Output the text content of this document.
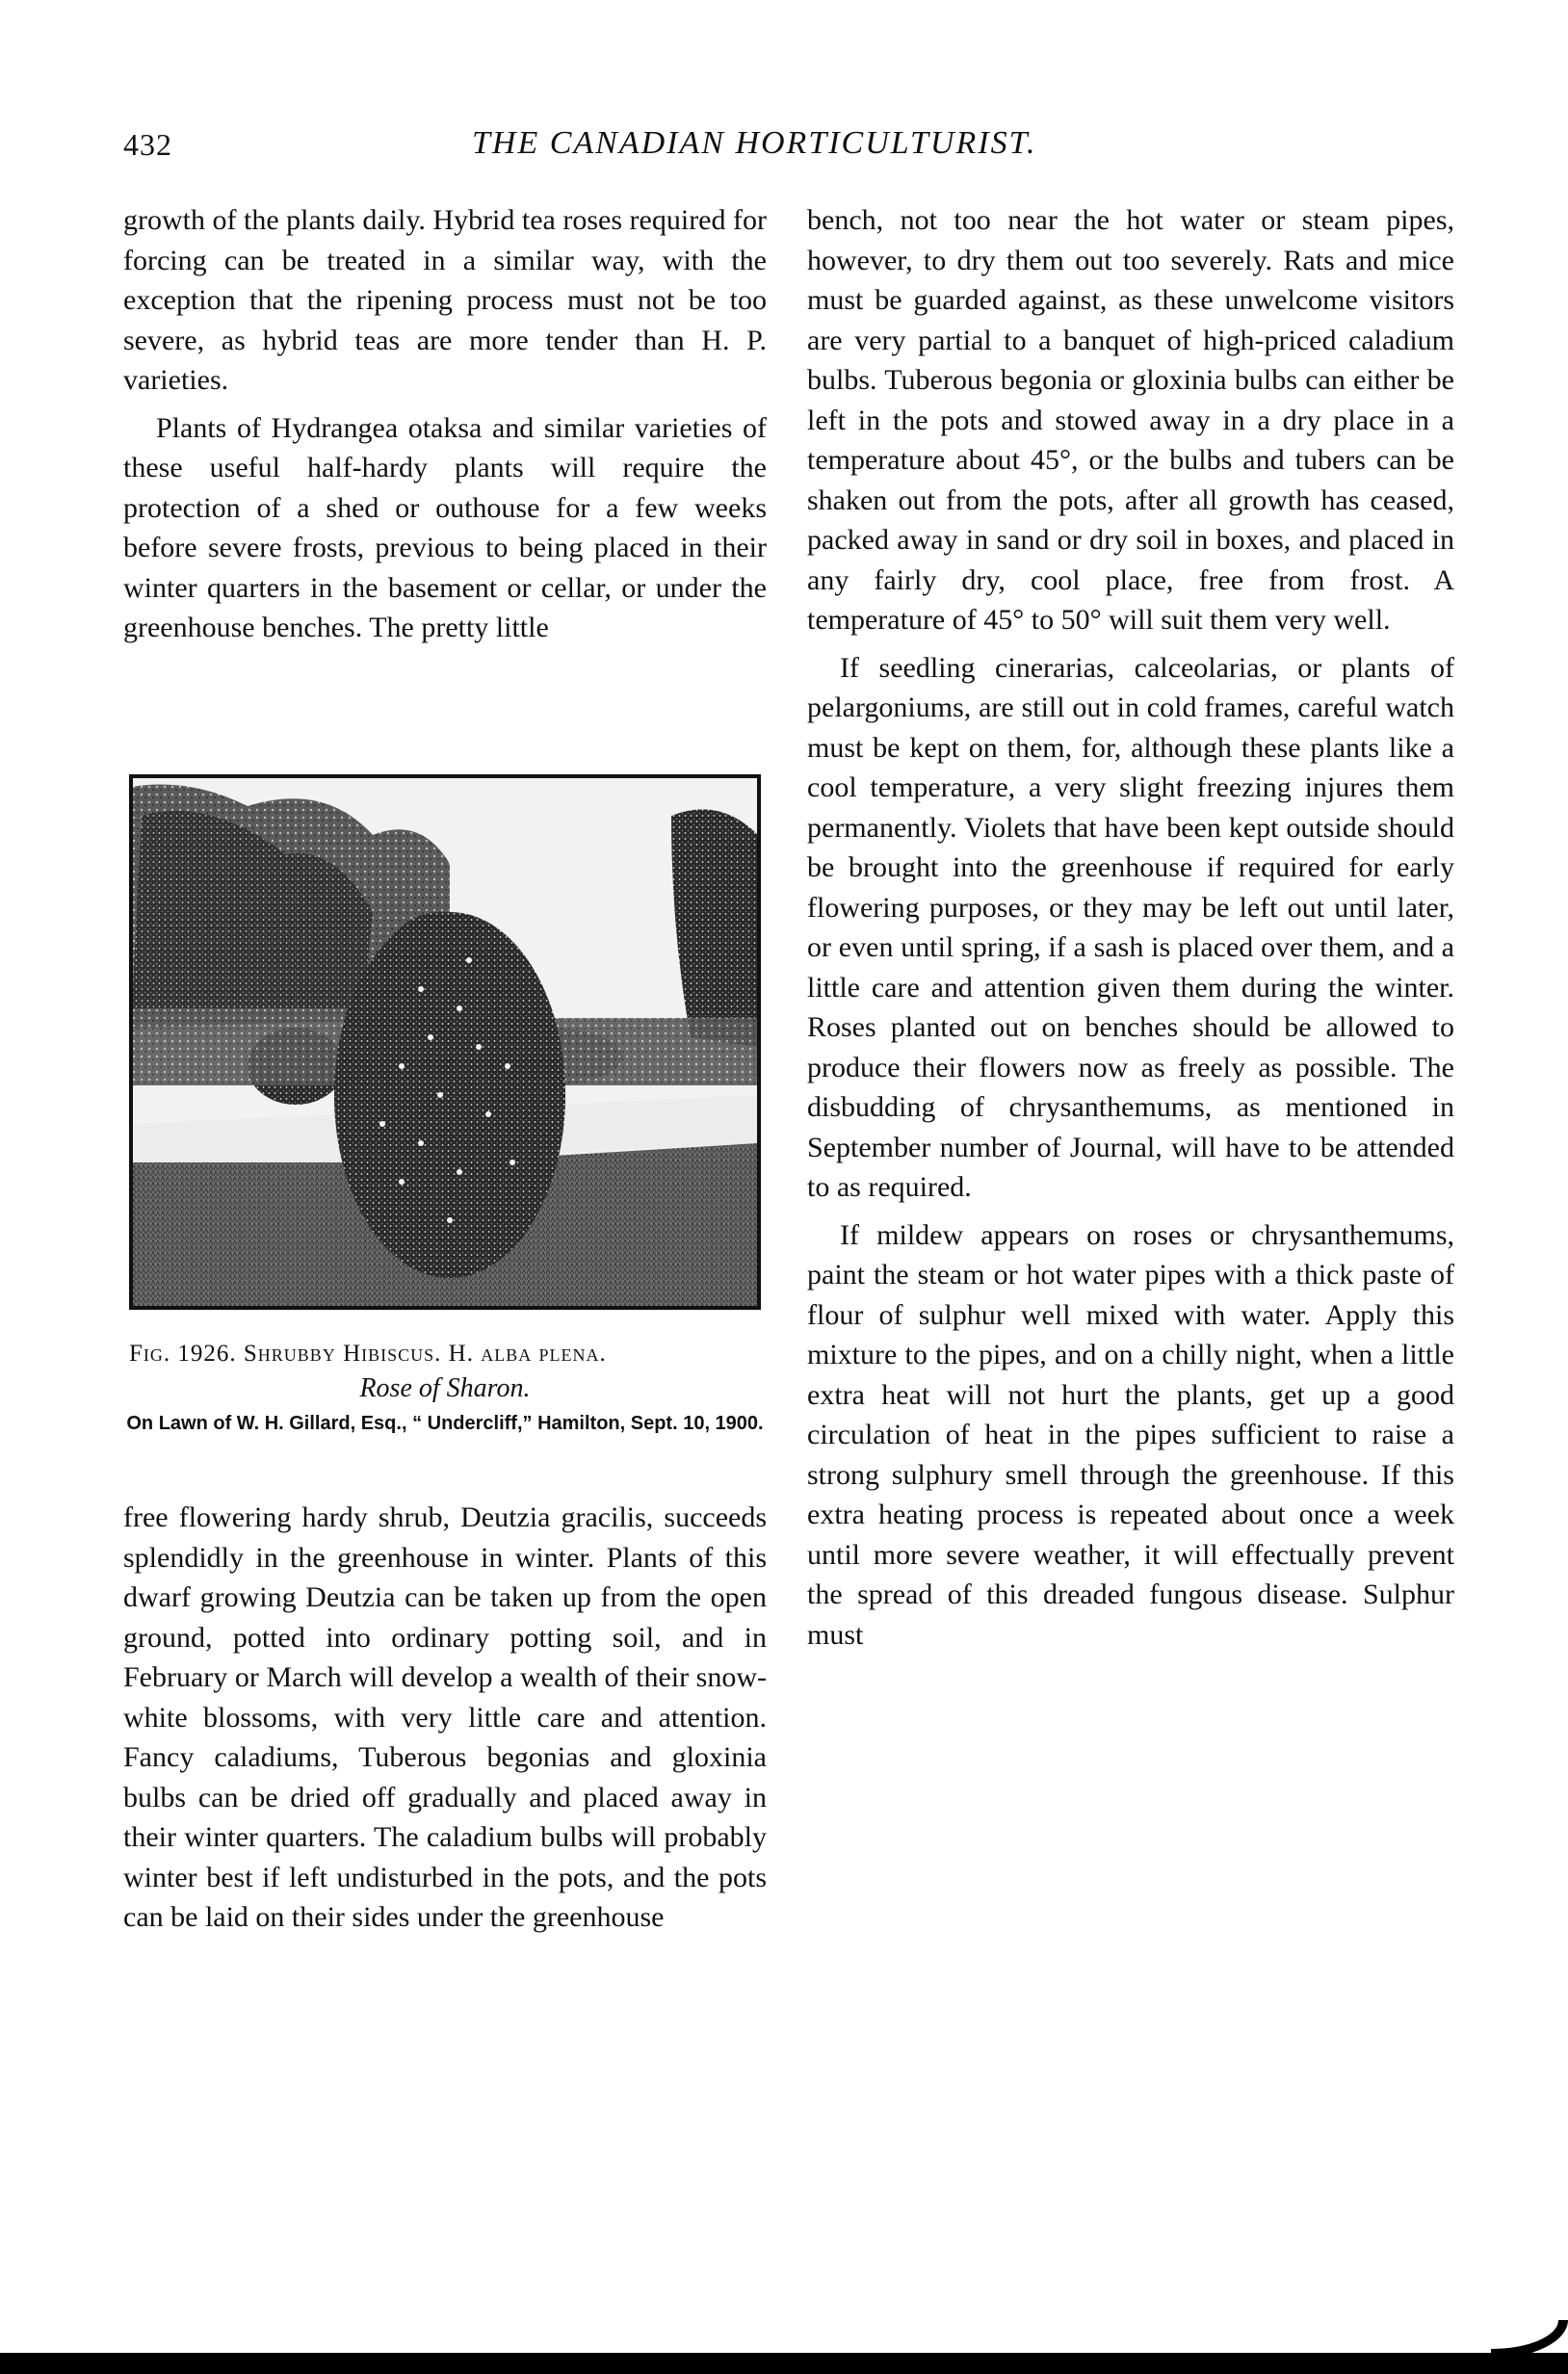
432	THE CANADIAN HORTICULTURIST.

growth of the plants daily. Hybrid tea roses required for forcing can be treated in a similar way, with the exception that the ripening process must not be too severe, as hybrid teas are more tender than H. P. varieties.

Plants of Hydrangea otaksa and similar varieties of these useful half-hardy plants will require the protection of a shed or outhouse for a few weeks before severe frosts, previous to being placed in their winter quarters in the basement or cellar, or under the greenhouse benches. The pretty little

Fig. 1926. Shrubby Hibiscus. H. alba plena.
Rose of Sharon.
On Lawn of W. H. Gillard, Esq., “ Undercliff,” Hamilton, Sept. 10, 1900.

free flowering hardy shrub, Deutzia gracilis, succeeds splendidly in the greenhouse in winter. Plants of this dwarf growing Deutzia can be taken up from the open ground, potted into ordinary potting soil, and in February or March will develop a wealth of their snow-white blossoms, with very little care and attention. Fancy caladiums, Tuberous begonias and gloxinia bulbs can be dried off gradually and placed away in their winter quarters. The caladium bulbs will probably winter best if left undisturbed in the pots, and the pots can be laid on their sides under the greenhouse

bench, not too near the hot water or steam pipes, however, to dry them out too severely. Rats and mice must be guarded against, as these unwelcome visitors are very partial to a banquet of high-priced caladium bulbs. Tuberous begonia or gloxinia bulbs can either be left in the pots and stowed away in a dry place in a temperature about 45°, or the bulbs and tubers can be shaken out from the pots, after all growth has ceased, packed away in sand or dry soil in boxes, and placed in any fairly dry, cool place, free from frost. A temperature of 45° to 50° will suit them very well.

If seedling cinerarias, calceolarias, or plants of pelargoniums, are still out in cold frames, careful watch must be kept on them, for, although these plants like a cool temperature, a very slight freezing injures them permanently. Violets that have been kept outside should be brought into the greenhouse if required for early flowering purposes, or they may be left out until later, or even until spring, if a sash is placed over them, and a little care and attention given them during the winter. Roses planted out on benches should be allowed to produce their flowers now as freely as possible. The disbudding of chrysanthemums, as mentioned in September number of Journal, will have to be attended to as required.

If mildew appears on roses or chrysanthemums, paint the steam or hot water pipes with a thick paste of flour of sulphur well mixed with water. Apply this mixture to the pipes, and on a chilly night, when a little extra heat will not hurt the plants, get up a good circulation of heat in the pipes sufficient to raise a strong sulphury smell through the greenhouse. If this extra heating process is repeated about once a week until more severe weather, it will effectually prevent the spread of this dreaded fungous disease. Sulphur must
